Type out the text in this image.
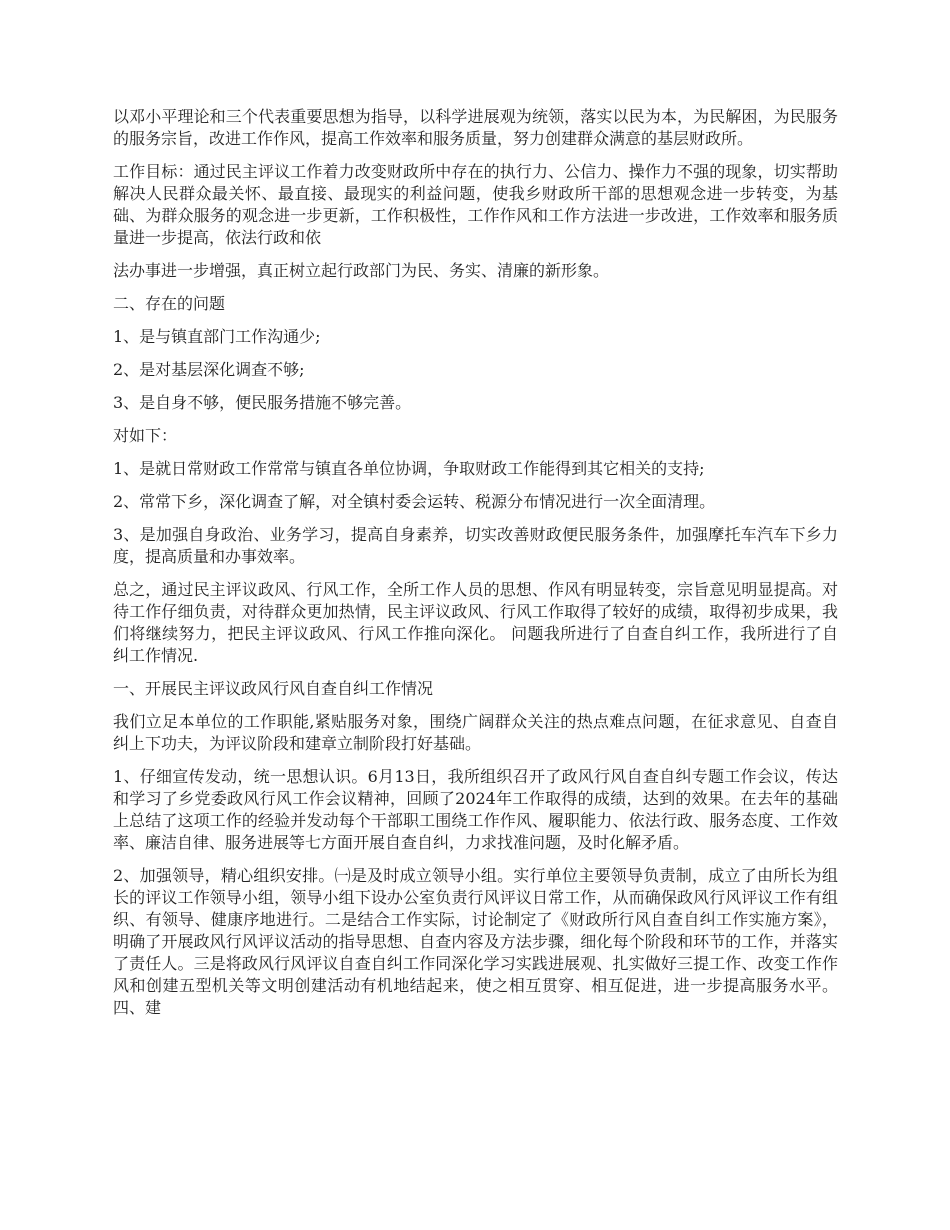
以邓小平理论和三个代表重要思想为指导，以科学进展观为统领，落实以民为本，为民解困，为民服务的服务宗旨，改进工作作风，提高工作效率和服务质量，努力创建群众满意的基层财政所。

工作目标：通过民主评议工作着力改变财政所中存在的执行力、公信力、操作力不强的现象，切实帮助解决人民群众最关怀、最直接、最现实的利益问题，使我乡财政所干部的思想观念进一步转变，为基础、为群众服务的观念进一步更新，工作积极性，工作作风和工作方法进一步改进，工作效率和服务质量进一步提高，依法行政和依

法办事进一步增强，真正树立起行政部门为民、务实、清廉的新形象。

二、存在的问题

1、是与镇直部门工作沟通少;

2、是对基层深化调查不够;

3、是自身不够，便民服务措施不够完善。

对如下：

1、是就日常财政工作常常与镇直各单位协调，争取财政工作能得到其它相关的支持;

2、常常下乡，深化调查了解，对全镇村委会运转、税源分布情况进行一次全面清理。

3、是加强自身政治、业务学习，提高自身素养，切实改善财政便民服务条件，加强摩托车汽车下乡力度，提高质量和办事效率。

总之，通过民主评议政风、行风工作，全所工作人员的思想、作风有明显转变，宗旨意见明显提高。对待工作仔细负责，对待群众更加热情，民主评议政风、行风工作取得了较好的成绩，取得初步成果，我们将继续努力，把民主评议政风、行风工作推向深化。 问题我所进行了自查自纠工作，我所进行了自纠工作情况.

一、开展民主评议政风行风自查自纠工作情况

我们立足本单位的工作职能,紧贴服务对象，围绕广阔群众关注的热点难点问题，在征求意见、自查自纠上下功夫，为评议阶段和建章立制阶段打好基础。

1、仔细宣传发动，统一思想认识。6月13日，我所组织召开了政风行风自查自纠专题工作会议，传达和学习了乡党委政风行风工作会议精神，回顾了2024年工作取得的成绩，达到的效果。在去年的基础上总结了这项工作的经验并发动每个干部职工围绕工作作风、履职能力、依法行政、服务态度、工作效率、廉洁自律、服务进展等七方面开展自查自纠，力求找准问题，及时化解矛盾。

2、加强领导，精心组织安排。㈠是及时成立领导小组。实行单位主要领导负责制，成立了由所长为组长的评议工作领导小组，领导小组下设办公室负责行风评议日常工作，从而确保政风行风评议工作有组织、有领导、健康序地进行。二是结合工作实际，讨论制定了《财政所行风自查自纠工作实施方案》，明确了开展政风行风评议活动的指导思想、自查内容及方法步骤，细化每个阶段和环节的工作，并落实了责任人。三是将政风行风评议自查自纠工作同深化学习实践进展观、扎实做好三提工作、改变工作作风和创建五型机关等文明创建活动有机地结起来，使之相互贯穿、相互促进，进一步提高服务水平。 四、建
